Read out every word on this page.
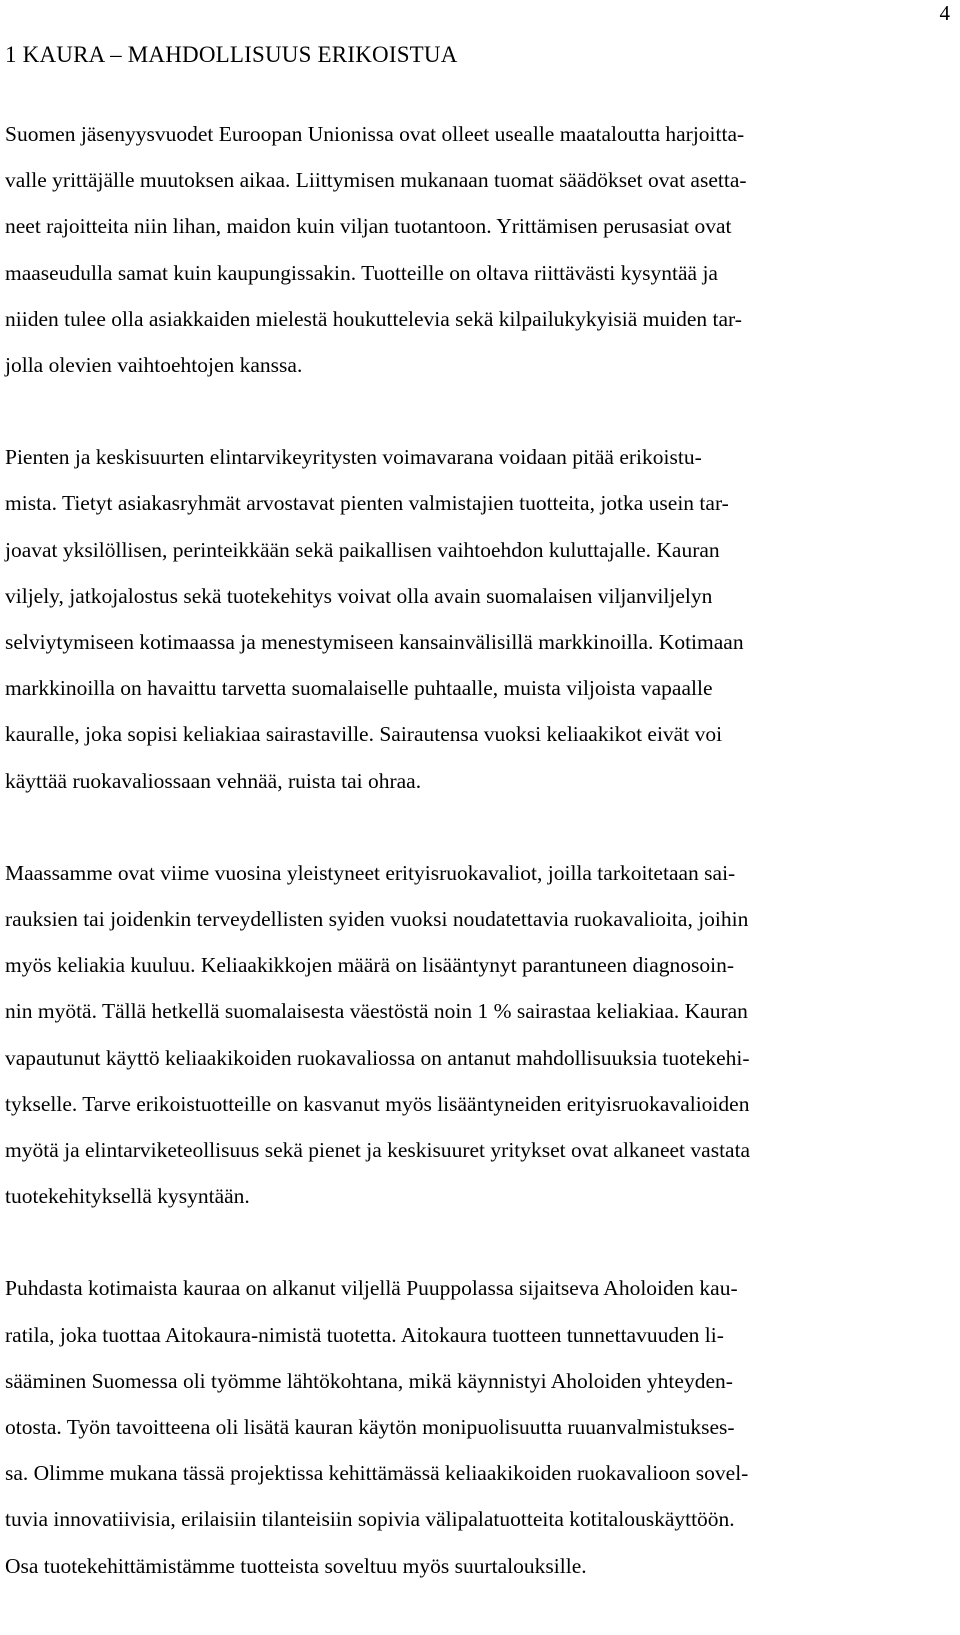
4
1 KAURA – MAHDOLLISUUS ERIKOISTUA

Suomen jäsenyysvuodet Euroopan Unionissa ovat olleet usealle maataloutta harjoitta-
valle yrittäjälle muutoksen aikaa. Liittymisen mukanaan tuomat säädökset ovat asetta-
neet rajoitteita niin lihan, maidon kuin viljan tuotantoon. Yrittämisen perusasiat ovat
maaseudulla samat kuin kaupungissakin. Tuotteille on oltava riittävästi kysyntää ja
niiden tulee olla asiakkaiden mielestä houkuttelevia sekä kilpailukykyisiä muiden tar-
jolla olevien vaihtoehtojen kanssa.

Pienten ja keskisuurten elintarvikeyritysten voimavarana voidaan pitää erikoistu-
mista. Tietyt asiakasryhmät arvostavat pienten valmistajien tuotteita, jotka usein tar-
joavat yksilöllisen, perinteikkään sekä paikallisen vaihtoehdon kuluttajalle. Kauran
viljely, jatkojalostus sekä tuotekehitys voivat olla avain suomalaisen viljanviljelyn
selviytymiseen kotimaassa ja menestymiseen kansainvälisillä markkinoilla. Kotimaan
markkinoilla on havaittu tarvetta suomalaiselle puhtaalle, muista viljoista vapaalle
kauralle, joka sopisi keliakiaa sairastaville. Sairautensa vuoksi keliaakikot eivät voi
käyttää ruokavaliossaan vehnää, ruista tai ohraa.

Maassamme ovat viime vuosina yleistyneet erityisruokavaliot, joilla tarkoitetaan sai-
rauksien tai joidenkin terveydellisten syiden vuoksi noudatettavia ruokavalioita, joihin
myös keliakia kuuluu. Keliaakikkojen määrä on lisääntynyt parantuneen diagnosoin-
nin myötä. Tällä hetkellä suomalaisesta väestöstä noin 1 % sairastaa keliakiaa. Kauran
vapautunut käyttö keliaakikoiden ruokavaliossa on antanut mahdollisuuksia tuotekehi-
tykselle. Tarve erikoistuotteille on kasvanut myös lisääntyneiden erityisruokavalioiden
myötä ja elintarviketeollisuus sekä pienet ja keskisuuret yritykset ovat alkaneet vastata
tuotekehityksellä kysyntään.

Puhdasta kotimaista kauraa on alkanut viljellä Puuppolassa sijaitseva Aholoiden kau-
ratila, joka tuottaa Aitokaura-nimistä tuotetta. Aitokaura tuotteen tunnettavuuden li-
sääminen Suomessa oli työmme lähtökohtana, mikä käynnistyi Aholoiden yhteyden-
otosta. Työn tavoitteena oli lisätä kauran käytön monipuolisuutta ruuanvalmistukses-
sa. Olimme mukana tässä projektissa kehittämässä keliaakikoiden ruokavalioon sovel-
tuvia innovatiivisia, erilaisiin tilanteisiin sopivia välipalatuotteita kotitalouskäyttöön.
Osa tuotekehittämistämme tuotteista soveltuu myös suurtalouksille.
